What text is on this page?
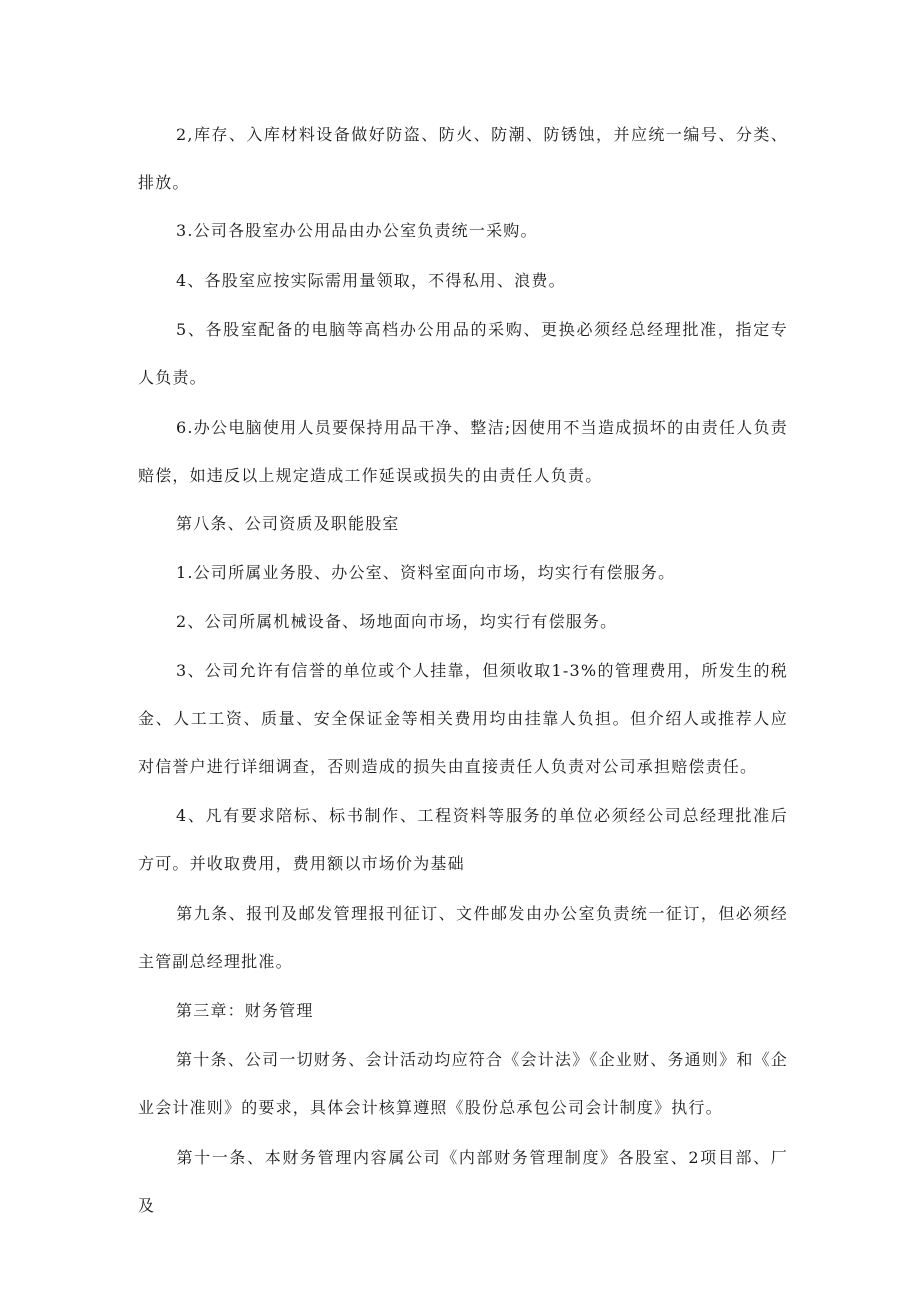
2,库存、入库材料设备做好防盗、防火、防潮、防锈蚀，并应统一编号、分类、排放。

3.公司各股室办公用品由办公室负责统一采购。

4、各股室应按实际需用量领取，不得私用、浪费。

5、各股室配备的电脑等高档办公用品的采购、更换必须经总经理批准，指定专人负责。

6.办公电脑使用人员要保持用品干净、整洁;因使用不当造成损坏的由责任人负责赔偿，如违反以上规定造成工作延误或损失的由责任人负责。

第八条、公司资质及职能股室

1.公司所属业务股、办公室、资料室面向市场，均实行有偿服务。

2、公司所属机械设备、场地面向市场，均实行有偿服务。

3、公司允许有信誉的单位或个人挂靠，但须收取1-3%的管理费用，所发生的税金、人工工资、质量、安全保证金等相关费用均由挂靠人负担。但介绍人或推荐人应对信誉户进行详细调查，否则造成的损失由直接责任人负责对公司承担赔偿责任。

4、凡有要求陪标、标书制作、工程资料等服务的单位必须经公司总经理批准后方可。并收取费用，费用额以市场价为基础

第九条、报刊及邮发管理报刊征订、文件邮发由办公室负责统一征订，但必须经主管副总经理批准。

第三章：财务管理

第十条、公司一切财务、会计活动均应符合《会计法》《企业财、务通则》和《企业会计准则》的要求，具体会计核算遵照《股份总承包公司会计制度》执行。

第十一条、本财务管理内容属公司《内部财务管理制度》各股室、2项目部、厂及
